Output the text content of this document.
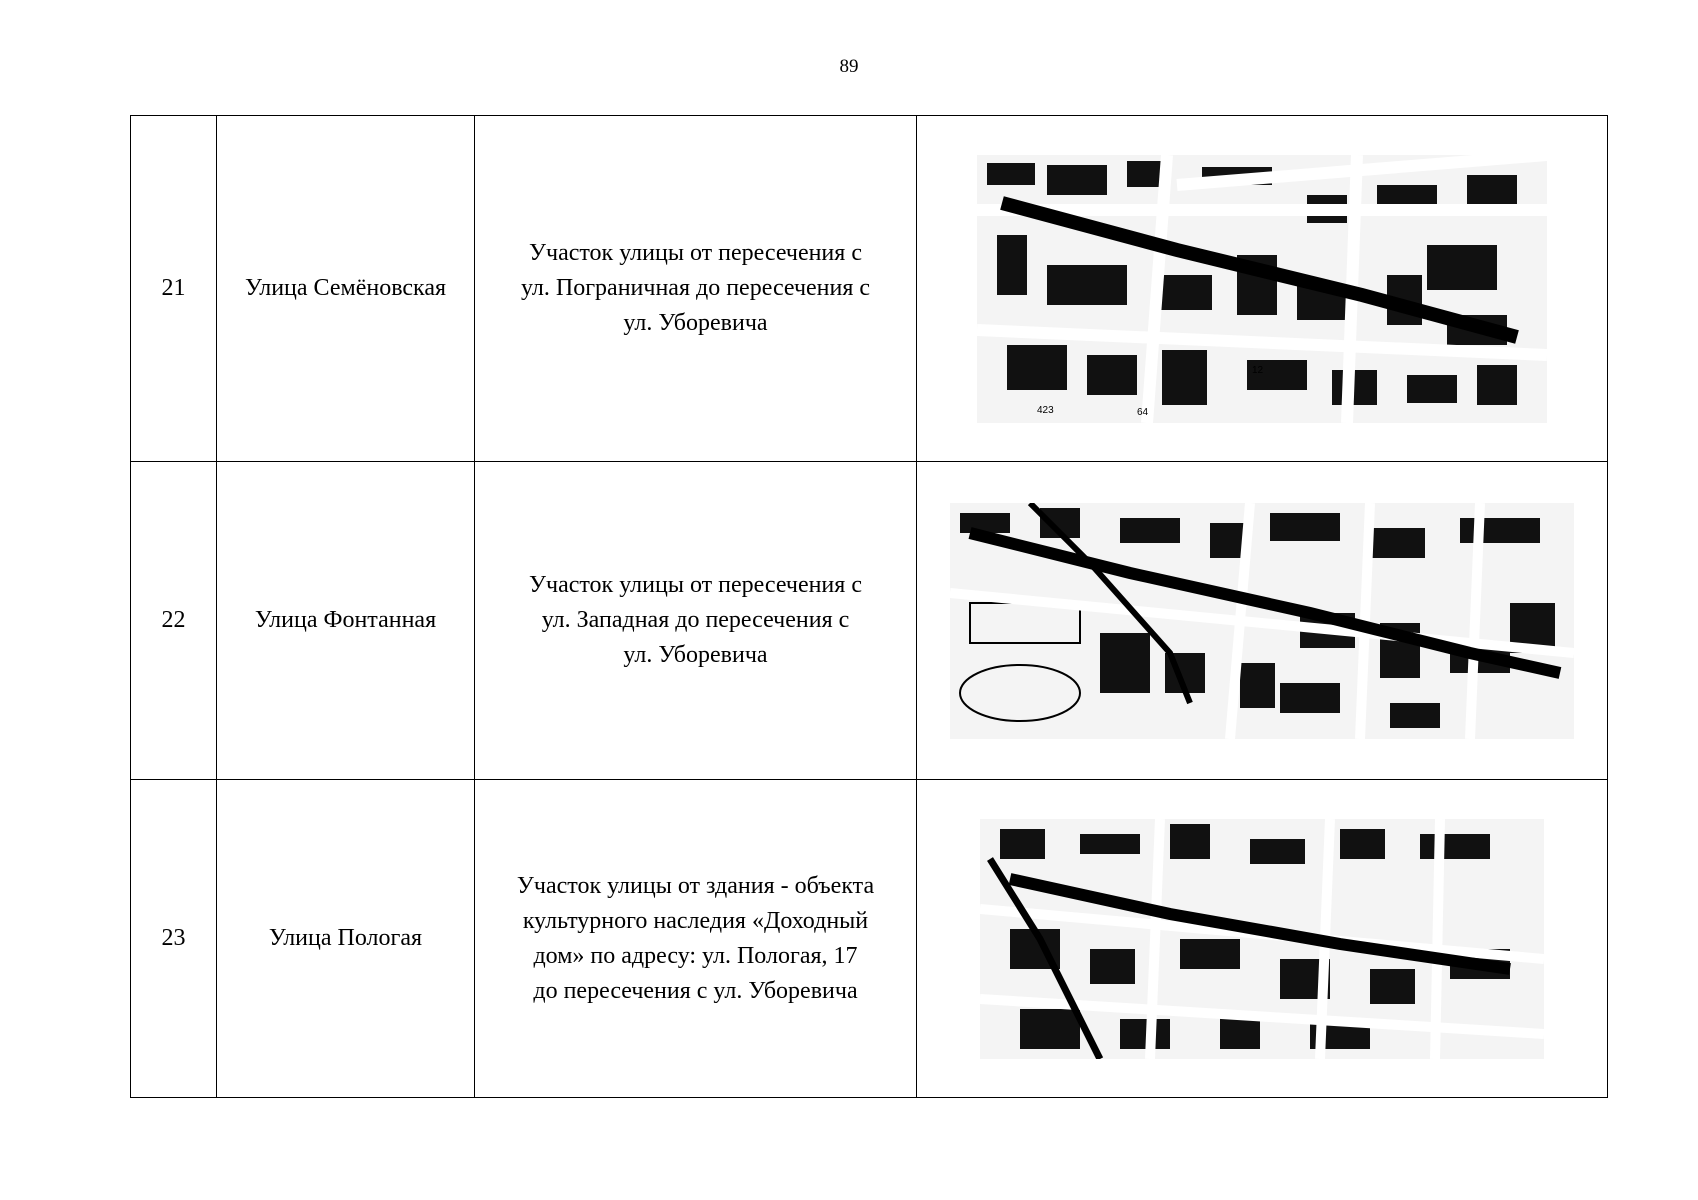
89
21	Улица Семёновская	Участок улицы от пересечения с
ул. Пограничная до пересечения с
ул. Уборевича	423 64
12

22	Улица Фонтанная	Участок улицы от пересечения с
ул. Западная до пересечения с
ул. Уборевича

23	Улица Пологая	Участок улицы от здания - объекта
культурного наследия «Доходный
дом» по адресу: ул. Пологая, 17
до пересечения с ул. Уборевича
